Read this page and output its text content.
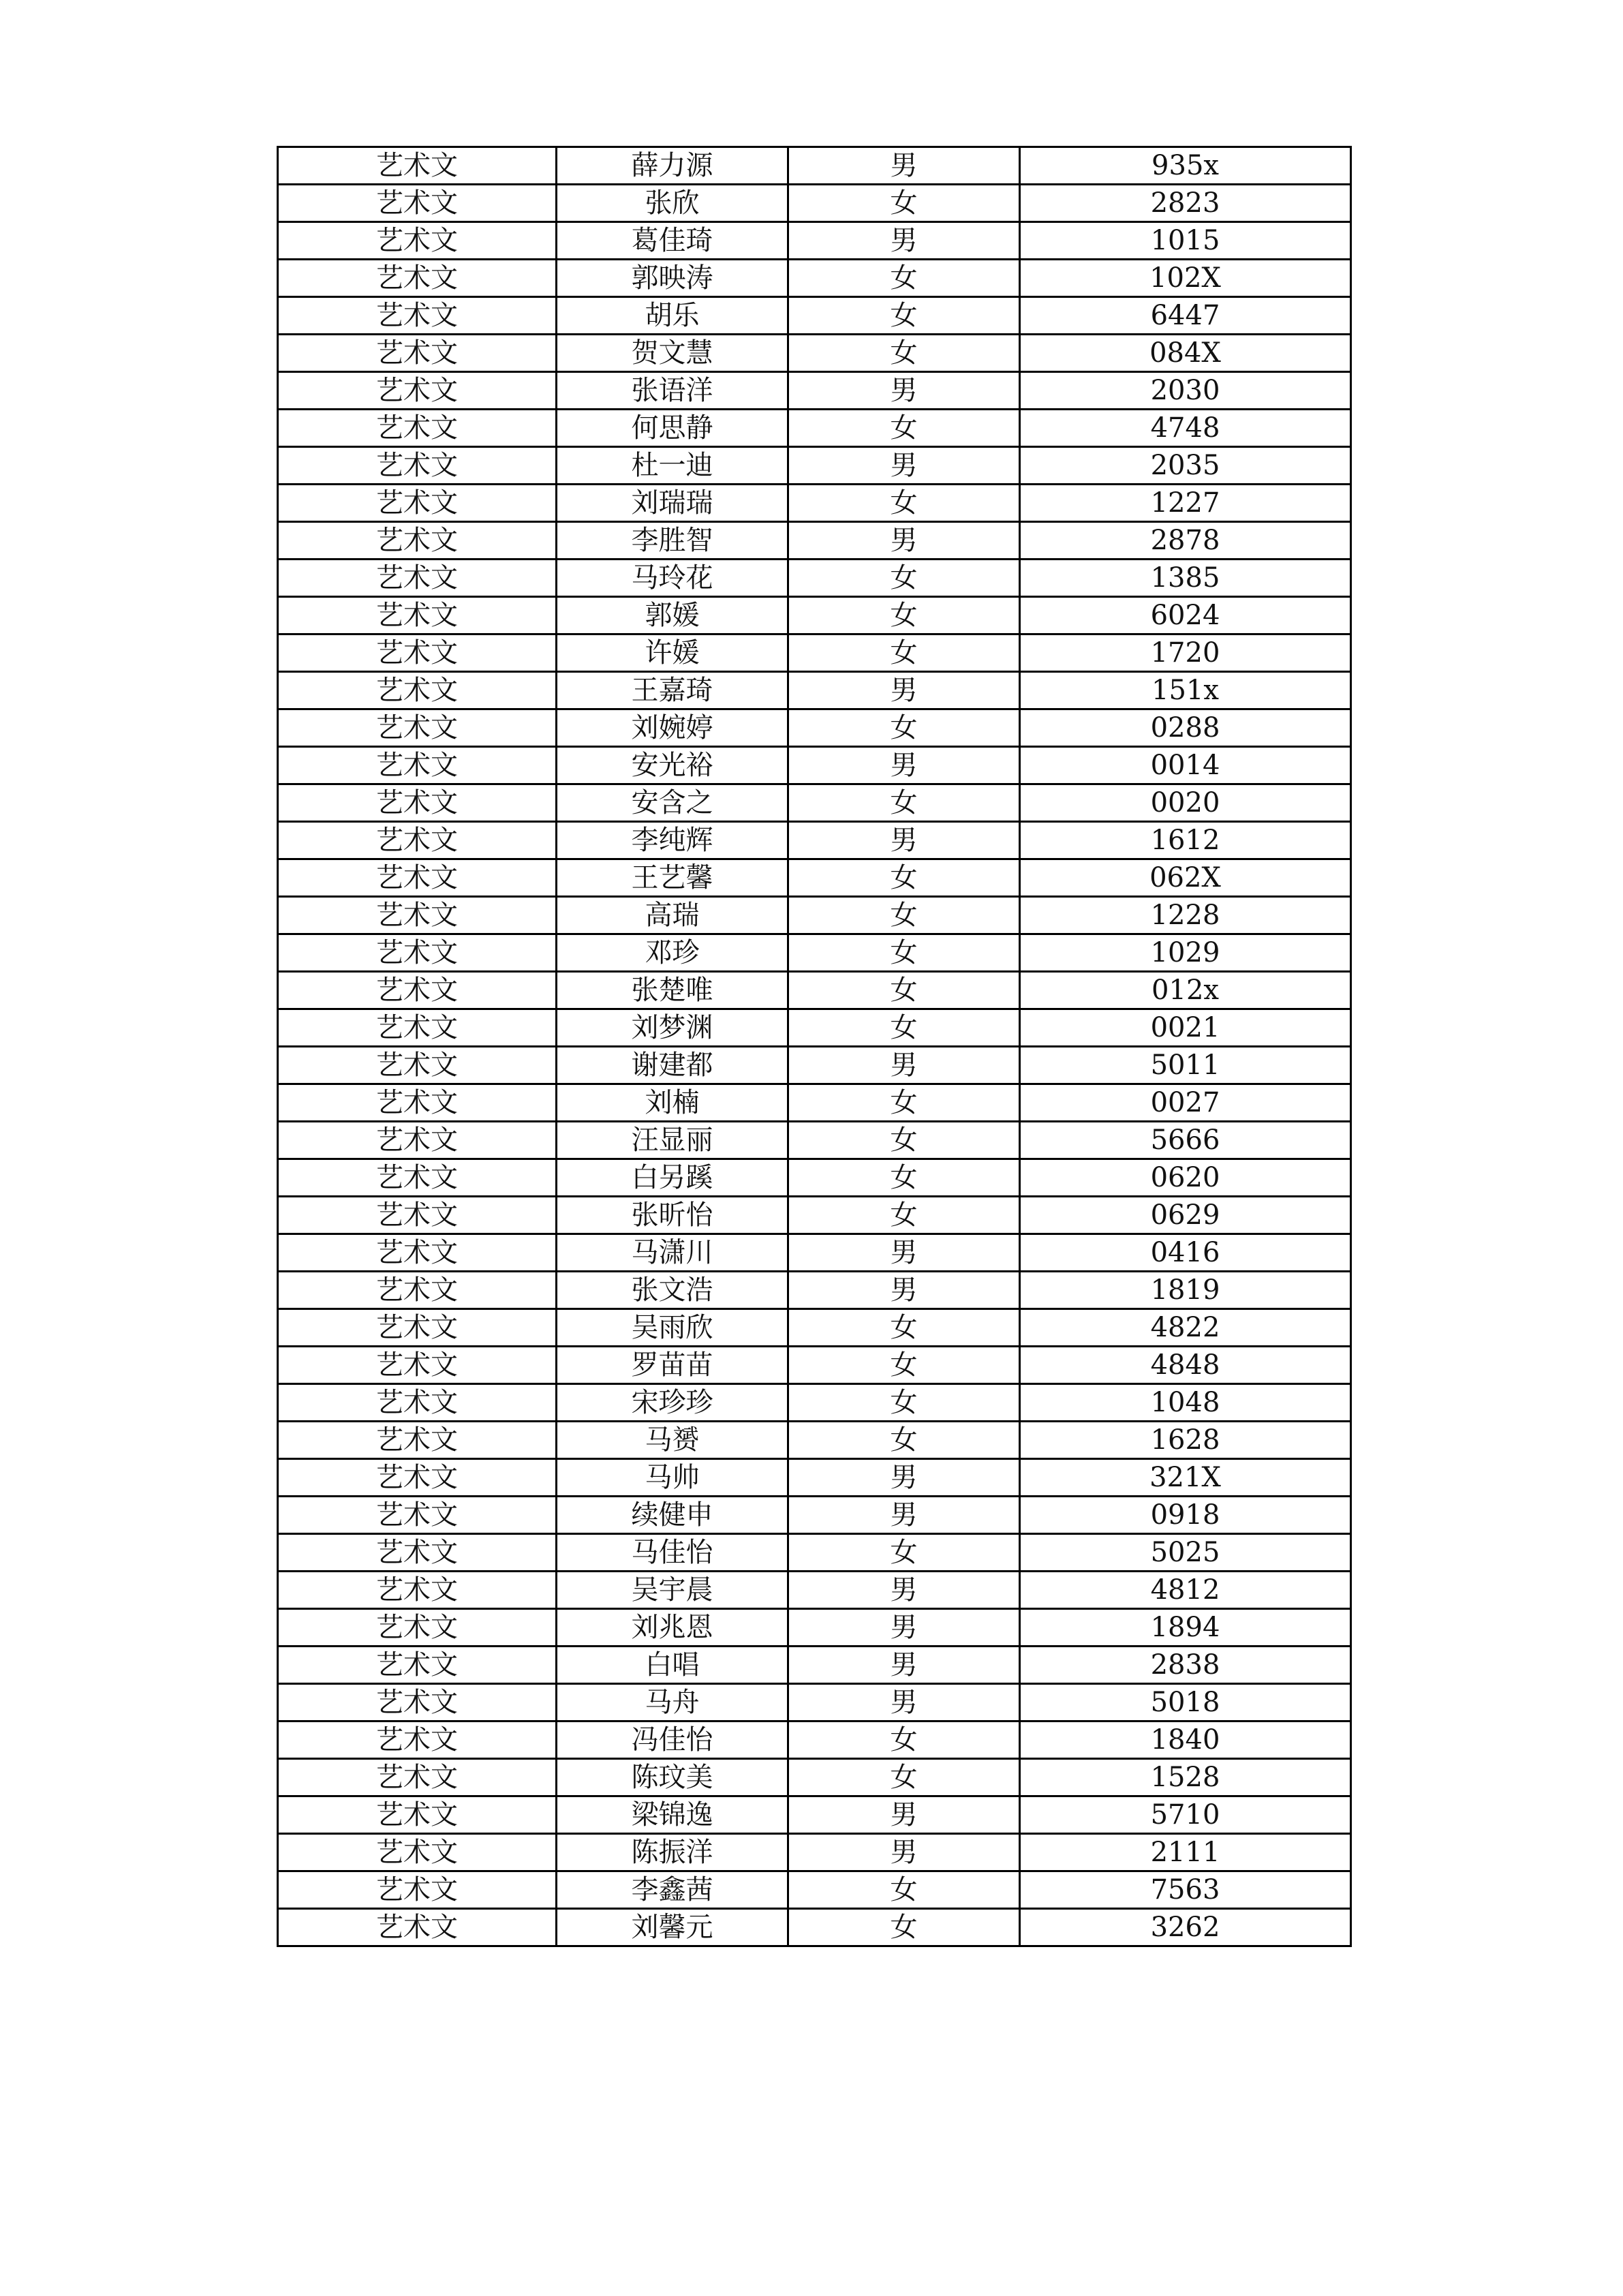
艺术文	薛力源	男	935x
艺术文	张欣	女	2823
艺术文	葛佳琦	男	1015
艺术文	郭映涛	女	102X
艺术文	胡乐	女	6447
艺术文	贺文慧	女	084X
艺术文	张语洋	男	2030
艺术文	何思静	女	4748
艺术文	杜一迪	男	2035
艺术文	刘瑞瑞	女	1227
艺术文	李胜智	男	2878
艺术文	马玲花	女	1385
艺术文	郭媛	女	6024
艺术文	许媛	女	1720
艺术文	王嘉琦	男	151x
艺术文	刘婉婷	女	0288
艺术文	安光裕	男	0014
艺术文	安含之	女	0020
艺术文	李纯辉	男	1612
艺术文	王艺馨	女	062X
艺术文	高瑞	女	1228
艺术文	邓珍	女	1029
艺术文	张楚唯	女	012x
艺术文	刘梦渊	女	0021
艺术文	谢建都	男	5011
艺术文	刘楠	女	0027
艺术文	汪显丽	女	5666
艺术文	白另蹊	女	0620
艺术文	张昕怡	女	0629
艺术文	马潇川	男	0416
艺术文	张文浩	男	1819
艺术文	吴雨欣	女	4822
艺术文	罗苗苗	女	4848
艺术文	宋珍珍	女	1048
艺术文	马赟	女	1628
艺术文	马帅	男	321X
艺术文	续健申	男	0918
艺术文	马佳怡	女	5025
艺术文	吴宇晨	男	4812
艺术文	刘兆恩	男	1894
艺术文	白唱	男	2838
艺术文	马舟	男	5018
艺术文	冯佳怡	女	1840
艺术文	陈玟美	女	1528
艺术文	梁锦逸	男	5710
艺术文	陈振洋	男	2111
艺术文	李鑫茜	女	7563
艺术文	刘馨元	女	3262
